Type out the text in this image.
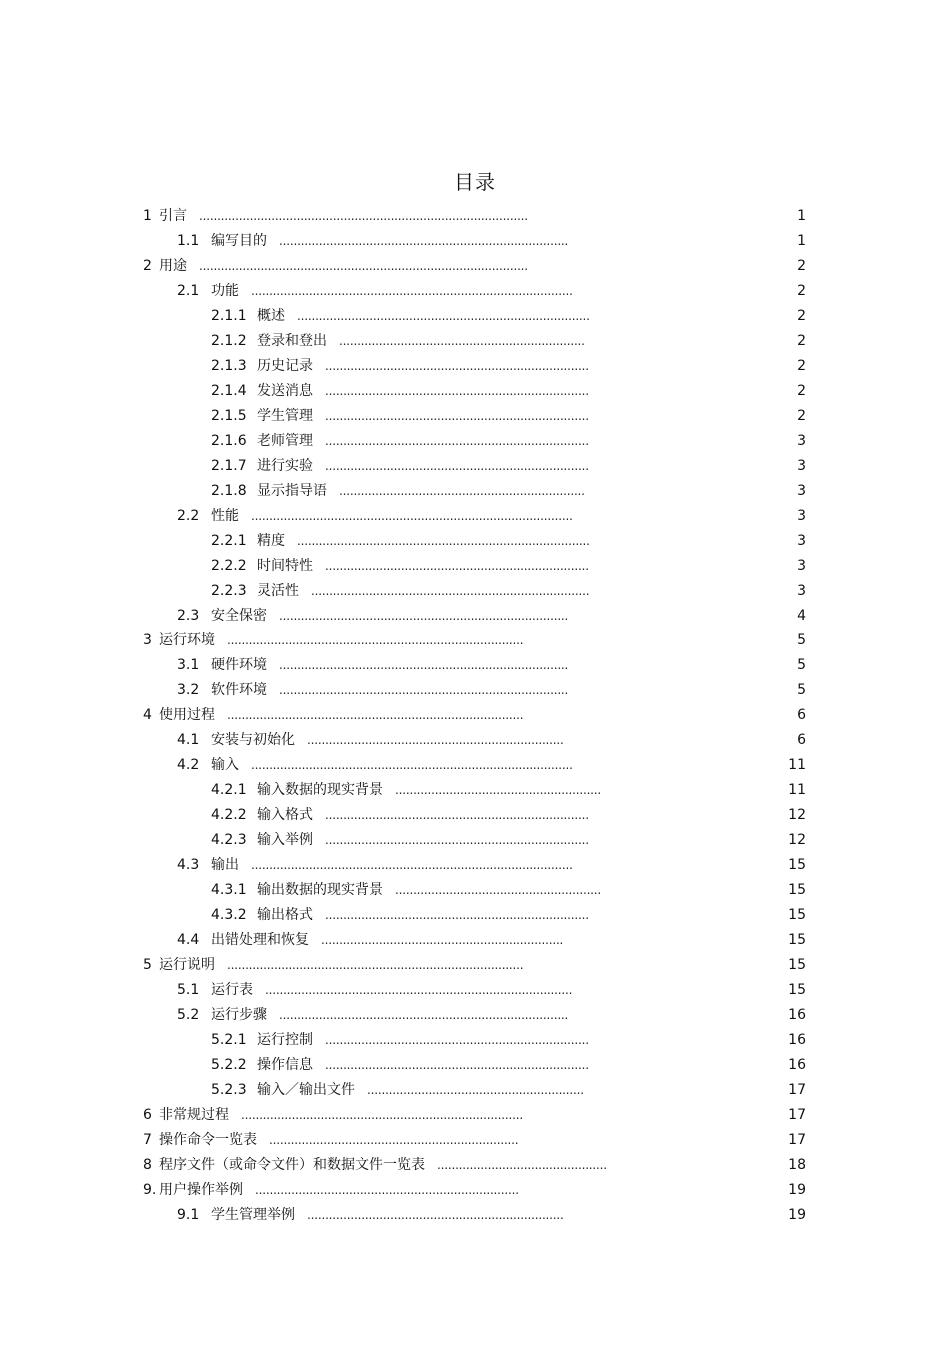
目录
1 引言 ...........................................................................................	1
1.1 编写目的 ................................................................................	1
2 用途 ...........................................................................................	2
2.1 功能 .........................................................................................	2
2.1.1 概述 .................................................................................	2
2.1.2 登录和登出 ....................................................................	2
2.1.3 历史记录 .........................................................................	2
2.1.4 发送消息 .........................................................................	2
2.1.5 学生管理 .........................................................................	2
2.1.6 老师管理 .........................................................................	3
2.1.7 进行实验 .........................................................................	3
2.1.8 显示指导语 ....................................................................	3
2.2 性能 .........................................................................................	3
2.2.1 精度 .................................................................................	3
2.2.2 时间特性 .........................................................................	3
2.2.3 灵活性 .............................................................................	3
2.3 安全保密 ................................................................................	4
3 运行环境 ..................................................................................	5
3.1 硬件环境 ................................................................................	5
3.2 软件环境 ................................................................................	5
4 使用过程 ..................................................................................	6
4.1 安装与初始化 .......................................................................	6
4.2 输入 .........................................................................................	11
4.2.1 输入数据的现实背景 .........................................................	11
4.2.2 输入格式 .........................................................................	12
4.2.3 输入举例 .........................................................................	12
4.3 输出 .........................................................................................	15
4.3.1 输出数据的现实背景 .........................................................	15
4.3.2 输出格式 .........................................................................	15
4.4 出错处理和恢复 ...................................................................	15
5 运行说明 ..................................................................................	15
5.1 运行表 .....................................................................................	15
5.2 运行步骤 ................................................................................	16
5.2.1 运行控制 .........................................................................	16
5.2.2 操作信息 .........................................................................	16
5.2.3 输入／输出文件 ............................................................	17
6 非常规过程 ..............................................................................	17
7 操作命令一览表 .....................................................................	17
8 程序文件（或命令文件）和数据文件一览表 ...............................................	18
9. 用户操作举例 .........................................................................	19
9.1 学生管理举例 .......................................................................	19
